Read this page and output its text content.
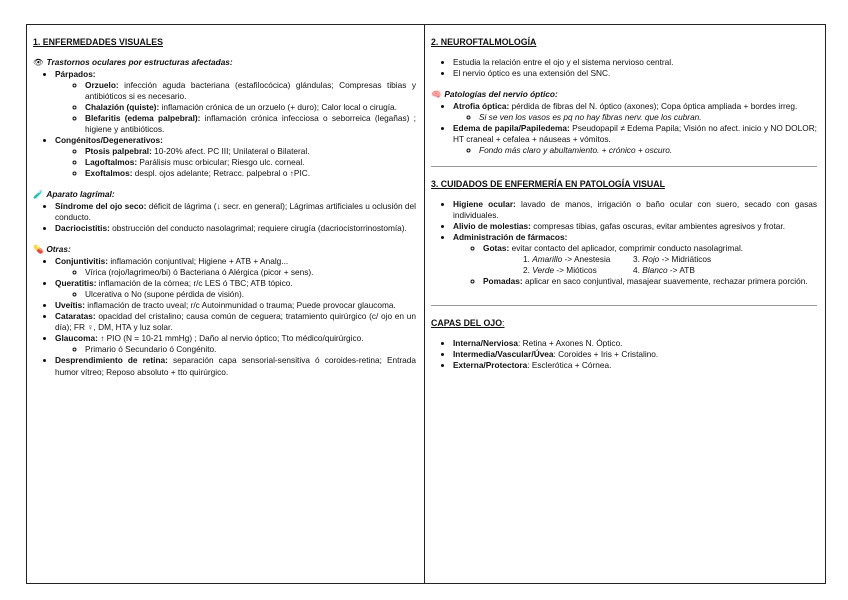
1. ENFERMEDADES VISUALES
👁 Trastornos oculares por estructuras afectadas:
• Párpados:
◦ Orzuelo: infección aguda bacteriana (estafilocócica) glándulas; Compresas tibias y antibióticos si es necesario.
◦ Chalazión (quiste): inflamación crónica de un orzuelo (+ duro); Calor local o cirugía.
◦ Blefaritis (edema palpebral): inflamación crónica infecciosa o seborreica (legañas) ; higiene y antibióticos.
• Congénitos/Degenerativos:
◦ Ptosis palpebral: 10-20% afect. PC III; Unilateral o Bilateral.
◦ Lagoftalmos: Parálisis musc orbicular; Riesgo ulc. corneal.
◦ Exoftalmos: despl. ojos adelante; Retracc. palpebral o ↑PIC.
🧪 Aparato lagrimal:
• Síndrome del ojo seco: déficit de lágrima (↓ secr. en general); Lágrimas artificiales u oclusión del conducto.
• Dacriocistitis: obstrucción del conducto nasolagrimal; requiere cirugía (dacriocistorrinostomía).
💊 Otras:
• Conjuntivitis: inflamación conjuntival; Higiene + ATB + Analg...
◦ Vírica (rojo/lagrimeo/bi) ó Bacteriana ó Alérgica (picor + sens).
• Queratitis: inflamación de la córnea; r/c LES ó TBC; ATB tópico.
◦ Ulcerativa o No (supone pérdida de visión).
• Uveítis: inflamación de tracto uveal; r/c Autoinmunidad o trauma; Puede provocar glaucoma.
• Cataratas: opacidad del cristalino; causa común de ceguera; tratamiento quirúrgico (c/ ojo en un día); FR ♀, DM, HTA y luz solar.
• Glaucoma: ↑ PIO (N = 10-21 mmHg) ; Daño al nervio óptico; Tto médico/quirúrgico.
◦ Primario ó Secundario ó Congénito.
• Desprendimiento de retina: separación capa sensorial-sensitiva ó coroides-retina; Entrada humor vítreo; Reposo absoluto + tto quirúrgico.
2. NEUROFTALMOLOGÍA
• Estudia la relación entre el ojo y el sistema nervioso central.
• El nervio óptico es una extensión del SNC.
🧠 Patologías del nervio óptico:
• Atrofia óptica: pérdida de fibras del N. óptico (axones); Copa óptica ampliada + bordes irreg.
◦ Si se ven los vasos es pq no hay fibras nerv. que los cubran.
• Edema de papila/Papiledema: Pseudopapil ≠ Edema Papila; Visión no afect. inicio y NO DOLOR; HT craneal + cefalea + náuseas + vómitos.
◦ Fondo más claro y abultamiento. + crónico + oscuro.
3. CUIDADOS DE ENFERMERÍA EN PATOLOGÍA VISUAL
• Higiene ocular: lavado de manos, irrigación o baño ocular con suero, secado con gasas individuales.
• Alivio de molestias: compresas tibias, gafas oscuras, evitar ambientes agresivos y frotar.
• Administración de fármacos:
◦ Gotas: evitar contacto del aplicador, comprimir conducto nasolagrimal.
1. Amarillo -> Anestesia	3. Rojo -> Midriáticos
2. Verde -> Mióticos	4. Blanco -> ATB
◦ Pomadas: aplicar en saco conjuntival, masajear suavemente, rechazar primera porción.
CAPAS DEL OJO:
• Interna/Nerviosa: Retina + Axones N. Óptico.
• Intermedia/Vascular/Úvea: Coroides + Iris + Cristalino.
• Externa/Protectora: Esclerótica + Córnea.
